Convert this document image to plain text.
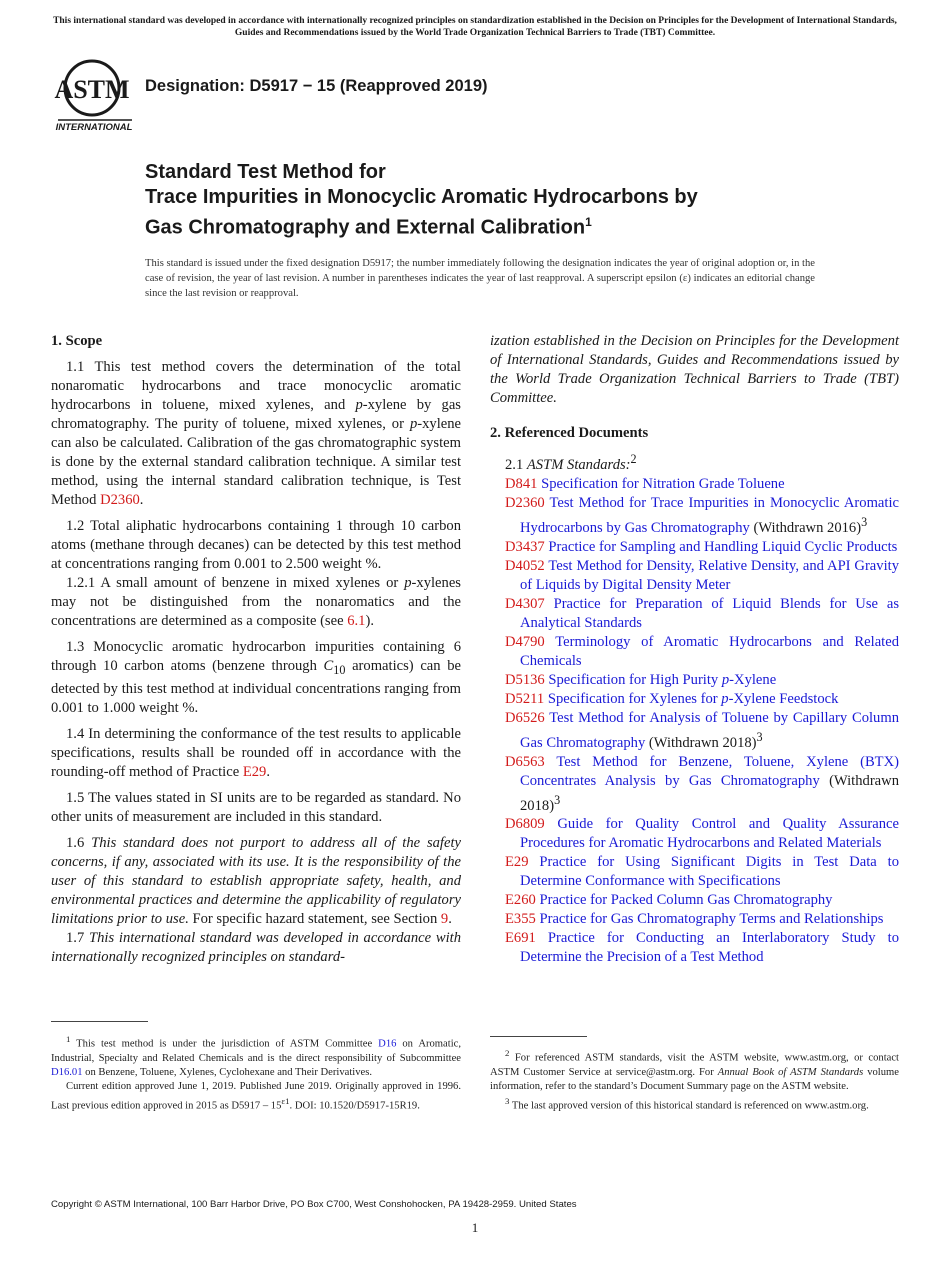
This international standard was developed in accordance with internationally recognized principles on standardization established in the Decision on Principles for the Development of International Standards, Guides and Recommendations issued by the World Trade Organization Technical Barriers to Trade (TBT) Committee.
ASTM
INTERNATIONAL
Designation: D5917 − 15 (Reapproved 2019)
Standard Test Method for
Trace Impurities in Monocyclic Aromatic Hydrocarbons by
Gas Chromatography and External Calibration$^1$
This standard is issued under the fixed designation D5917; the number immediately following the designation indicates the year of original adoption or, in the case of revision, the year of last revision. A number in parentheses indicates the year of last reapproval. A superscript epsilon (ε) indicates an editorial change since the last revision or reapproval.
1. Scope

1.1 This test method covers the determination of the total nonaromatic hydrocarbons and trace monocyclic aromatic hydrocarbons in toluene, mixed xylenes, and p-xylene by gas chromatography. The purity of toluene, mixed xylenes, or p-xylene can also be calculated. Calibration of the gas chromatographic system is done by the external standard calibration technique. A similar test method, using the internal standard calibration technique, is Test Method D2360.

1.2 Total aliphatic hydrocarbons containing 1 through 10 carbon atoms (methane through decanes) can be detected by this test method at concentrations ranging from 0.001 to 2.500 weight %.

1.2.1 A small amount of benzene in mixed xylenes or p-xylenes may not be distinguished from the nonaromatics and the concentrations are determined as a composite (see 6.1).

1.3 Monocyclic aromatic hydrocarbon impurities containing 6 through 10 carbon atoms (benzene through $C_{10}$ aromatics) can be detected by this test method at individual concentrations ranging from 0.001 to 1.000 weight %.

1.4 In determining the conformance of the test results to applicable specifications, results shall be rounded off in accordance with the rounding-off method of Practice E29.

1.5 The values stated in SI units are to be regarded as standard. No other units of measurement are included in this standard.

1.6 This standard does not purport to address all of the safety concerns, if any, associated with its use. It is the responsibility of the user of this standard to establish appropriate safety, health, and environmental practices and determine the applicability of regulatory limitations prior to use. For specific hazard statement, see Section 9.

1.7 This international standard was developed in accordance with internationally recognized principles on standard-

ization established in the Decision on Principles for the Development of International Standards, Guides and Recommendations issued by the World Trade Organization Technical Barriers to Trade (TBT) Committee.

2. Referenced Documents

2.1 ASTM Standards:$^2$

D841 Specification for Nitration Grade Toluene

D2360 Test Method for Trace Impurities in Monocyclic Aromatic Hydrocarbons by Gas Chromatography (Withdrawn 2016)$^3$

D3437 Practice for Sampling and Handling Liquid Cyclic Products

D4052 Test Method for Density, Relative Density, and API Gravity of Liquids by Digital Density Meter

D4307 Practice for Preparation of Liquid Blends for Use as Analytical Standards

D4790 Terminology of Aromatic Hydrocarbons and Related Chemicals

D5136 Specification for High Purity p-Xylene

D5211 Specification for Xylenes for p-Xylene Feedstock

D6526 Test Method for Analysis of Toluene by Capillary Column Gas Chromatography (Withdrawn 2018)$^3$

D6563 Test Method for Benzene, Toluene, Xylene (BTX) Concentrates Analysis by Gas Chromatography (Withdrawn 2018)$^3$

D6809 Guide for Quality Control and Quality Assurance Procedures for Aromatic Hydrocarbons and Related Materials

E29 Practice for Using Significant Digits in Test Data to Determine Conformance with Specifications

E260 Practice for Packed Column Gas Chromatography

E355 Practice for Gas Chromatography Terms and Relationships

E691 Practice for Conducting an Interlaboratory Study to Determine the Precision of a Test Method

$^1$ This test method is under the jurisdiction of ASTM Committee D16 on Aromatic, Industrial, Specialty and Related Chemicals and is the direct responsibility of Subcommittee D16.01 on Benzene, Toluene, Xylenes, Cyclohexane and Their Derivatives.

Current edition approved June 1, 2019. Published June 2019. Originally approved in 1996. Last previous edition approved in 2015 as $D5917 - 15^{\varepsilon 1}$. DOI: 10.1520/D5917-15R19.

$^2$ For referenced ASTM standards, visit the ASTM website, www.astm.org, or contact ASTM Customer Service at service@astm.org. For Annual Book of ASTM Standards volume information, refer to the standard’s Document Summary page on the ASTM website.

$^3$ The last approved version of this historical standard is referenced on www.astm.org.

Copyright © ASTM International, 100 Barr Harbor Drive, PO Box C700, West Conshohocken, PA 19428-2959. United States
1
